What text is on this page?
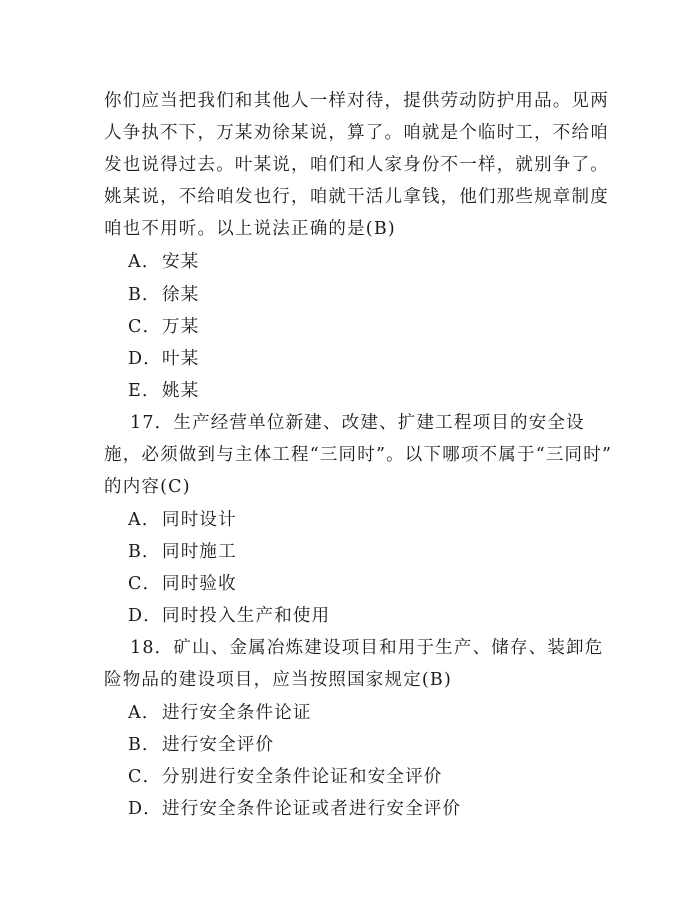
你们应当把我们和其他人一样对待，提供劳动防护用品。见两
人争执不下，万某劝徐某说，算了。咱就是个临时工，不给咱
发也说得过去。叶某说，咱们和人家身份不一样，就别争了。
姚某说，不给咱发也行，咱就干活儿拿钱，他们那些规章制度
咱也不用听。以上说法正确的是(B)
A．安某
B．徐某
C．万某
D．叶某
E．姚某
17．生产经营单位新建、改建、扩建工程项目的安全设
施，必须做到与主体工程“三同时”。以下哪项不属于“三同时”
的内容(C)
A．同时设计
B．同时施工
C．同时验收
D．同时投入生产和使用
18．矿山、金属冶炼建设项目和用于生产、储存、装卸危
险物品的建设项目，应当按照国家规定(B)
A．进行安全条件论证
B．进行安全评价
C．分别进行安全条件论证和安全评价
D．进行安全条件论证或者进行安全评价
